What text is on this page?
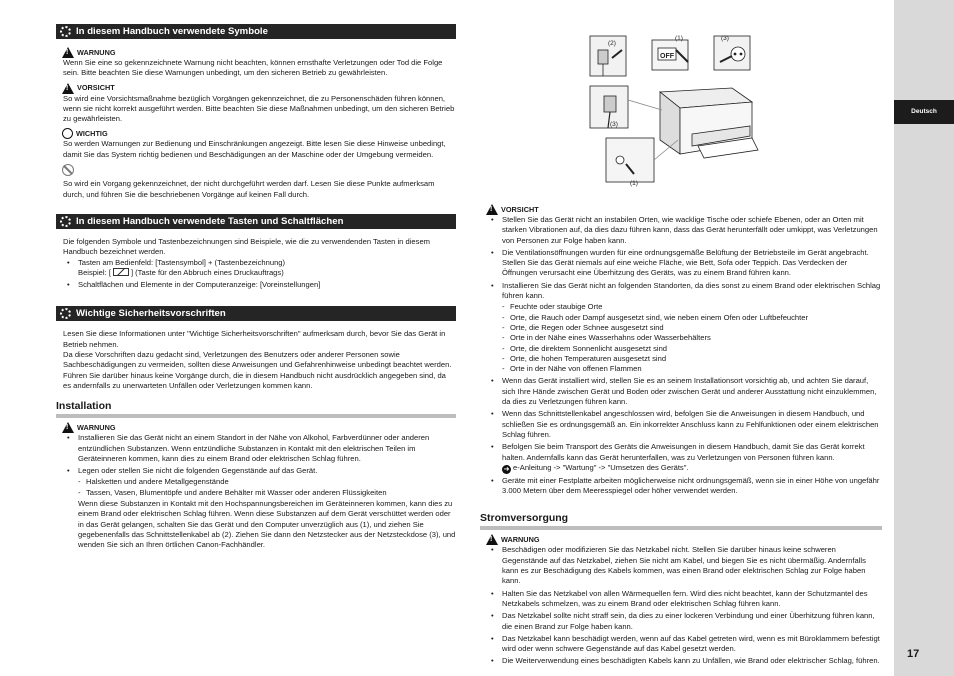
Deutsch
17
In diesem Handbuch verwendete Symbole
!
WARNUNG
Wenn Sie eine so gekennzeichnete Warnung nicht beachten, können ernsthafte Verletzungen oder Tod die Folge sein. Bitte beachten Sie diese Warnungen unbedingt, um den sicheren Betrieb zu gewährleisten.
!
VORSICHT
So wird eine Vorsichtsmaßnahme bezüglich Vorgängen gekennzeichnet, die zu Personenschäden führen können, wenn sie nicht korrekt ausgeführt werden. Bitte beachten Sie diese Maßnahmen unbedingt, um den sicheren Betrieb zu gewährleisten.
WICHTIG
So werden Warnungen zur Bedienung und Einschränkungen angezeigt. Bitte lesen Sie diese Hinweise unbedingt, damit Sie das System richtig bedienen und Beschädigungen an der Maschine oder der Umgebung vermeiden.
So wird ein Vorgang gekennzeichnet, der nicht durchgeführt werden darf. Lesen Sie diese Punkte aufmerksam durch, und führen Sie die beschriebenen Vorgänge auf keinen Fall durch.
In diesem Handbuch verwendete Tasten und Schaltflächen
Die folgenden Symbole und Tastenbezeichnungen sind Beispiele, wie die zu verwendenden Tasten in diesem Handbuch bezeichnet werden.
• Tasten am Bedienfeld: [Tastensymbol] + (Tastenbezeichnung)
Beispiel: [	] (Taste für den Abbruch eines Druckauftrags)
• Schaltflächen und Elemente in der Computeranzeige: [Voreinstellungen]
Wichtige Sicherheitsvorschriften
Lesen Sie diese Informationen unter "Wichtige Sicherheitsvorschriften" aufmerksam durch, bevor Sie das Gerät in Betrieb nehmen.
Da diese Vorschriften dazu gedacht sind, Verletzungen des Benutzers oder anderer Personen sowie Sachbeschädigungen zu vermeiden, sollten diese Anweisungen und Gefahrenhinweise unbedingt beachtet werden.
Führen Sie darüber hinaus keine Vorgänge durch, die in diesem Handbuch nicht ausdrücklich angegeben sind, da es andernfalls zu unerwarteten Unfällen oder Verletzungen kommen kann.
Installation
!
WARNUNG
• Installieren Sie das Gerät nicht an einem Standort in der Nähe von Alkohol, Farbverdünner oder anderen entzündlichen Substanzen. Wenn entzündliche Substanzen in Kontakt mit den elektrischen Teilen im Geräteinneren kommen, kann dies zu einem Brand oder elektrischen Schlag führen.
• Legen oder stellen Sie nicht die folgenden Gegenstände auf das Gerät.
- Halsketten und andere Metallgegenstände
- Tassen, Vasen, Blumentöpfe und andere Behälter mit Wasser oder anderen Flüssigkeiten
Wenn diese Substanzen in Kontakt mit den Hochspannungsbereichen im Geräteinneren kommen, kann dies zu einem Brand oder elektrischen Schlag führen. Wenn diese Substanzen auf dem Gerät verschüttet werden oder in das Gerät gelangen, schalten Sie das Gerät und den Computer unverzüglich aus (1), und ziehen Sie gegebenenfalls das Schnittstellenkabel ab (2). Ziehen Sie dann den Netzstecker aus der Netzsteckdose (3), und wenden Sie sich an Ihren örtlichen Canon-Fachhändler.
(2)
(1)	(3)
OFF
(3)
(1)
!
VORSICHT
• Stellen Sie das Gerät nicht an instabilen Orten, wie wacklige Tische oder schiefe Ebenen, oder an Orten mit starken Vibrationen auf, da dies dazu führen kann, dass das Gerät herunterfällt oder umkippt, was Verletzungen von Personen zur Folge haben kann.
• Die Ventilationsöffnungen wurden für eine ordnungsgemäße Belüftung der Betriebsteile im Gerät angebracht. Stellen Sie das Gerät niemals auf eine weiche Fläche, wie Bett, Sofa oder Teppich. Das Verdecken der Öffnungen verursacht eine Überhitzung des Geräts, was zu einem Brand führen kann.
• Installieren Sie das Gerät nicht an folgenden Standorten, da dies sonst zu einem Brand oder elektrischen Schlag führen kann.
- Feuchte oder staubige Orte
- Orte, die Rauch oder Dampf ausgesetzt sind, wie neben einem Ofen oder Luftbefeuchter
- Orte, die Regen oder Schnee ausgesetzt sind
- Orte in der Nähe eines Wasserhahns oder Wasserbehälters
- Orte, die direktem Sonnenlicht ausgesetzt sind
- Orte, die hohen Temperaturen ausgesetzt sind
- Orte in der Nähe von offenen Flammen
• Wenn das Gerät installiert wird, stellen Sie es an seinem Installationsort vorsichtig ab, und achten Sie darauf, sich Ihre Hände zwischen Gerät und Boden oder zwischen Gerät und anderer Ausstattung nicht einzuklemmen, da dies zu Verletzungen führen kann.
• Wenn das Schnittstellenkabel angeschlossen wird, befolgen Sie die Anweisungen in diesem Handbuch, und schließen Sie es ordnungsgemäß an. Ein inkorrekter Anschluss kann zu Fehlfunktionen oder einem elektrischen Schlag führen.
• Befolgen Sie beim Transport des Geräts die Anweisungen in diesem Handbuch, damit Sie das Gerät korrekt halten. Andernfalls kann das Gerät herunterfallen, was zu Verletzungen von Personen führen kann.
➜ e-Anleitung -> "Wartung" -> "Umsetzen des Geräts".
• Geräte mit einer Festplatte arbeiten möglicherweise nicht ordnungsgemäß, wenn sie in einer Höhe von ungefähr 3.000 Metern über dem Meeresspiegel oder höher verwendet werden.
Stromversorgung
!
WARNUNG
• Beschädigen oder modifizieren Sie das Netzkabel nicht. Stellen Sie darüber hinaus keine schweren Gegenstände auf das Netzkabel, ziehen Sie nicht am Kabel, und biegen Sie es nicht übermäßig. Andernfalls kann es zur Beschädigung des Kabels kommen, was einen Brand oder elektrischen Schlag zur Folge haben kann.
• Halten Sie das Netzkabel von allen Wärmequellen fern. Wird dies nicht beachtet, kann der Schutzmantel des Netzkabels schmelzen, was zu einem Brand oder elektrischen Schlag führen kann.
• Das Netzkabel sollte nicht straff sein, da dies zu einer lockeren Verbindung und einer Überhitzung führen kann, die einen Brand zur Folge haben kann.
• Das Netzkabel kann beschädigt werden, wenn auf das Kabel getreten wird, wenn es mit Büroklammern befestigt wird oder wenn schwere Gegenstände auf das Kabel gesetzt werden.
• Die Weiterverwendung eines beschädigten Kabels kann zu Unfällen, wie Brand oder elektrischer Schlag, führen.
